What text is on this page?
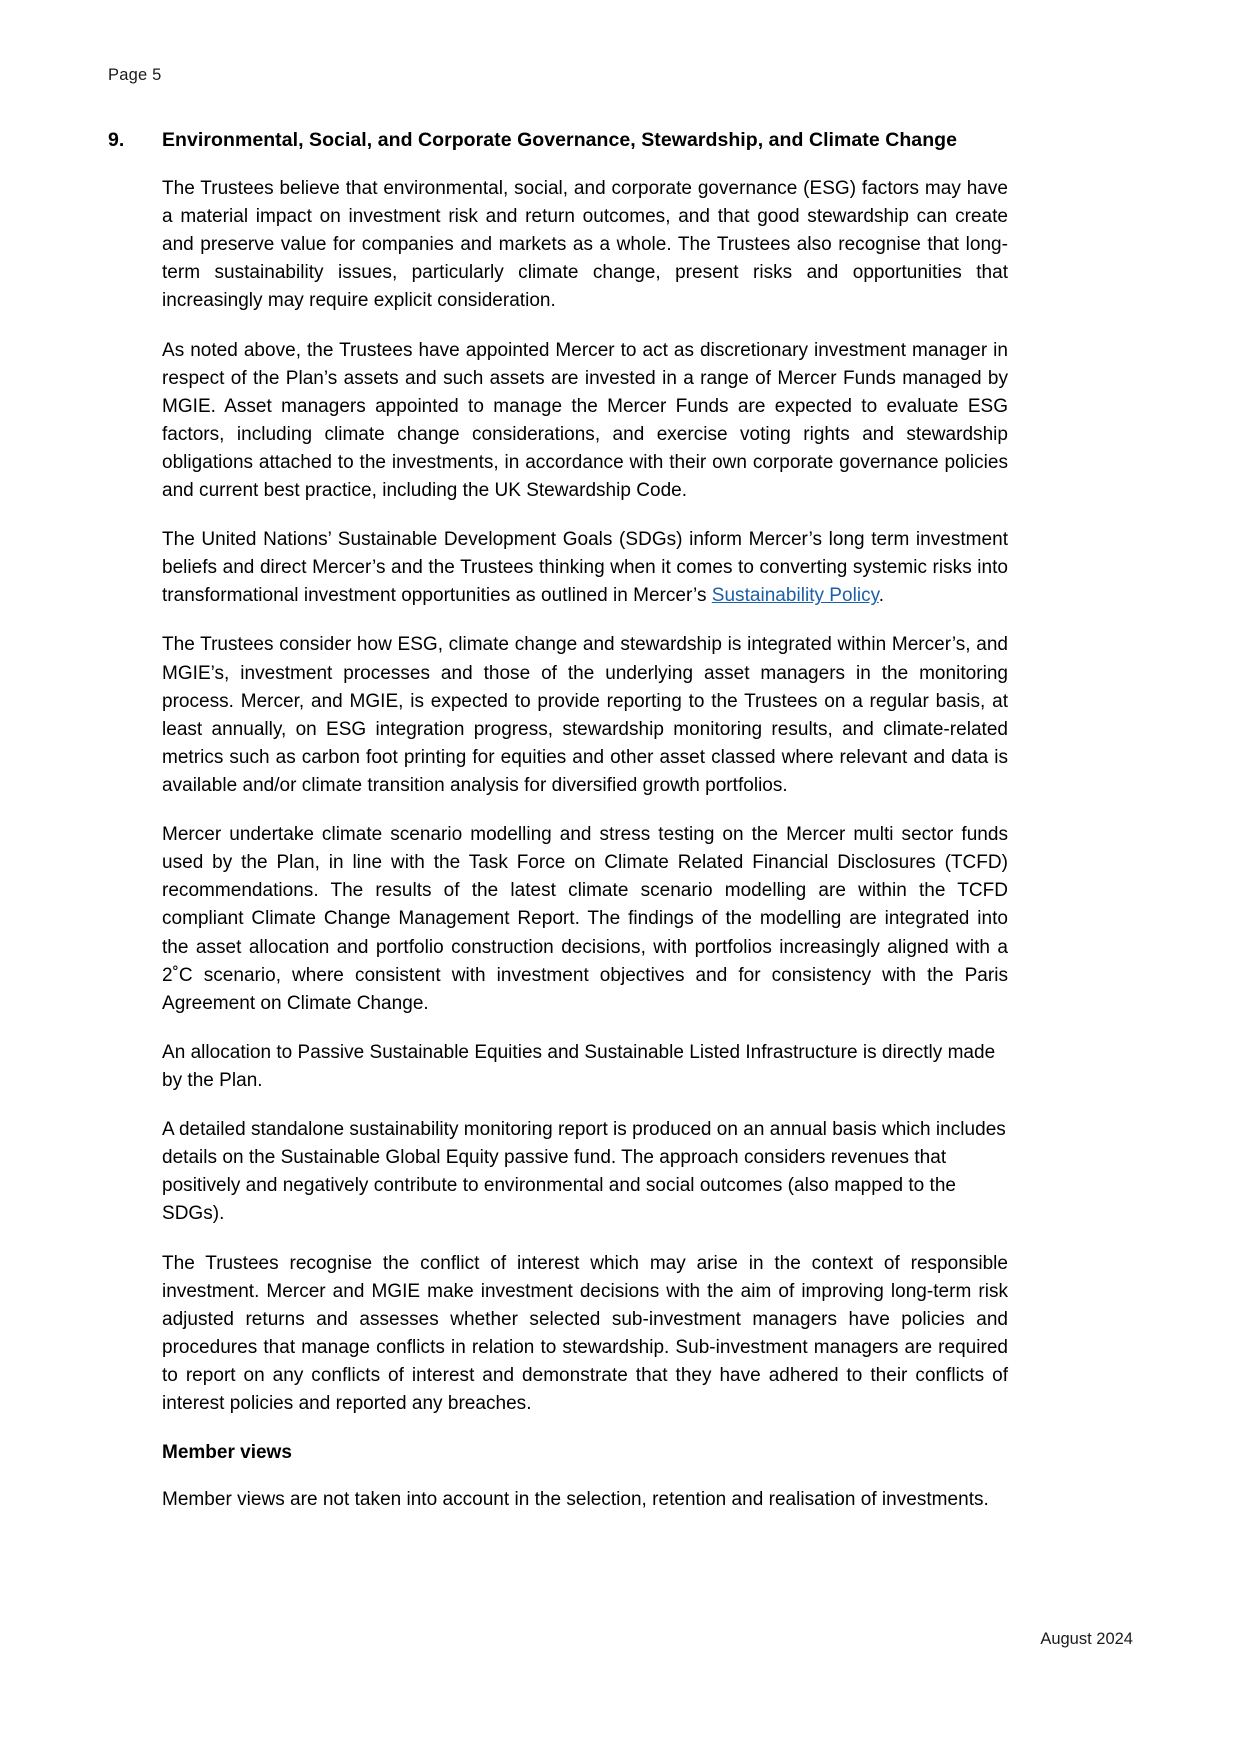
Page 5
9.	Environmental, Social, and Corporate Governance, Stewardship, and Climate Change

The Trustees believe that environmental, social, and corporate governance (ESG) factors may have a material impact on investment risk and return outcomes, and that good stewardship can create and preserve value for companies and markets as a whole. The Trustees also recognise that long-term sustainability issues, particularly climate change, present risks and opportunities that increasingly may require explicit consideration.

As noted above, the Trustees have appointed Mercer to act as discretionary investment manager in respect of the Plan’s assets and such assets are invested in a range of Mercer Funds managed by MGIE. Asset managers appointed to manage the Mercer Funds are expected to evaluate ESG factors, including climate change considerations, and exercise voting rights and stewardship obligations attached to the investments, in accordance with their own corporate governance policies and current best practice, including the UK Stewardship Code.

The United Nations’ Sustainable Development Goals (SDGs) inform Mercer’s long term investment beliefs and direct Mercer’s and the Trustees thinking when it comes to converting systemic risks into transformational investment opportunities as outlined in Mercer’s Sustainability Policy.

The Trustees consider how ESG, climate change and stewardship is integrated within Mercer’s, and MGIE’s, investment processes and those of the underlying asset managers in the monitoring process. Mercer, and MGIE, is expected to provide reporting to the Trustees on a regular basis, at least annually, on ESG integration progress, stewardship monitoring results, and climate-related metrics such as carbon foot printing for equities and other asset classed where relevant and data is available and/or climate transition analysis for diversified growth portfolios.

Mercer undertake climate scenario modelling and stress testing on the Mercer multi sector funds used by the Plan, in line with the Task Force on Climate Related Financial Disclosures (TCFD) recommendations. The results of the latest climate scenario modelling are within the TCFD compliant Climate Change Management Report. The findings of the modelling are integrated into the asset allocation and portfolio construction decisions, with portfolios increasingly aligned with a 2˚C scenario, where consistent with investment objectives and for consistency with the Paris Agreement on Climate Change.

An allocation to Passive Sustainable Equities and Sustainable Listed Infrastructure is directly made by the Plan.

A detailed standalone sustainability monitoring report is produced on an annual basis which includes details on the Sustainable Global Equity passive fund. The approach considers revenues that positively and negatively contribute to environmental and social outcomes (also mapped to the SDGs).

The Trustees recognise the conflict of interest which may arise in the context of responsible investment. Mercer and MGIE make investment decisions with the aim of improving long-term risk adjusted returns and assesses whether selected sub-investment managers have policies and procedures that manage conflicts in relation to stewardship. Sub-investment managers are required to report on any conflicts of interest and demonstrate that they have adhered to their conflicts of interest policies and reported any breaches.

Member views

Member views are not taken into account in the selection, retention and realisation of investments.

August 2024
